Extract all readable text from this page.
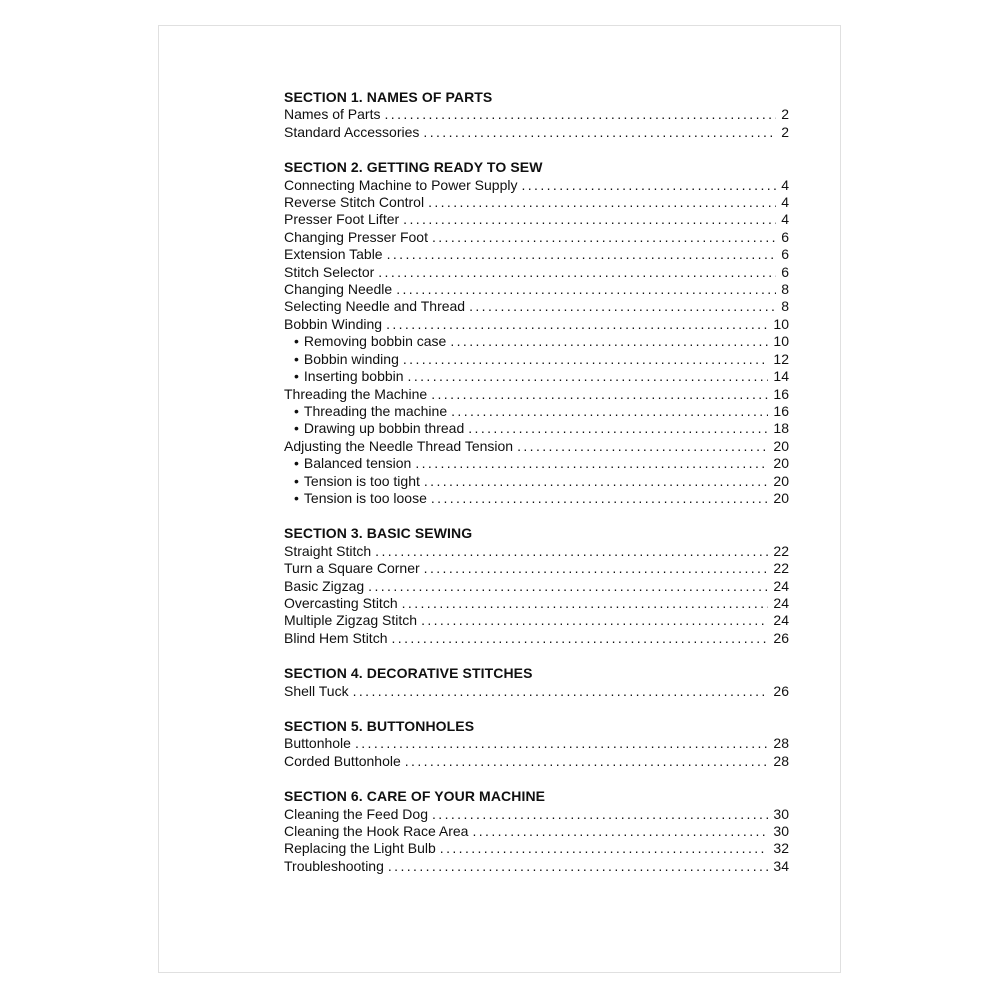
SECTION 1. NAMES OF PARTS
Names of Parts .....	2
Standard Accessories .....	2
SECTION 2. GETTING READY TO SEW
Connecting Machine to Power Supply .....	4
Reverse Stitch Control .....	4
Presser Foot Lifter .....	4
Changing Presser Foot .....	6
Extension Table .....	6
Stitch Selector .....	6
Changing Needle .....	8
Selecting Needle and Thread .....	8
Bobbin Winding .....	10
• Removing bobbin case .....	10
• Bobbin winding .....	12
• Inserting bobbin .....	14
Threading the Machine .....	16
• Threading the machine .....	16
• Drawing up bobbin thread .....	18
Adjusting the Needle Thread Tension .....	20
• Balanced tension .....	20
• Tension is too tight .....	20
• Tension is too loose .....	20
SECTION 3. BASIC SEWING
Straight Stitch .....	22
Turn a Square Corner .....	22
Basic Zigzag .....	24
Overcasting Stitch .....	24
Multiple Zigzag Stitch .....	24
Blind Hem Stitch .....	26
SECTION 4. DECORATIVE STITCHES
Shell Tuck .....	26
SECTION 5. BUTTONHOLES
Buttonhole .....	28
Corded Buttonhole .....	28
SECTION 6. CARE OF YOUR MACHINE
Cleaning the Feed Dog .....	30
Cleaning the Hook Race Area .....	30
Replacing the Light Bulb .....	32
Troubleshooting .....	34
